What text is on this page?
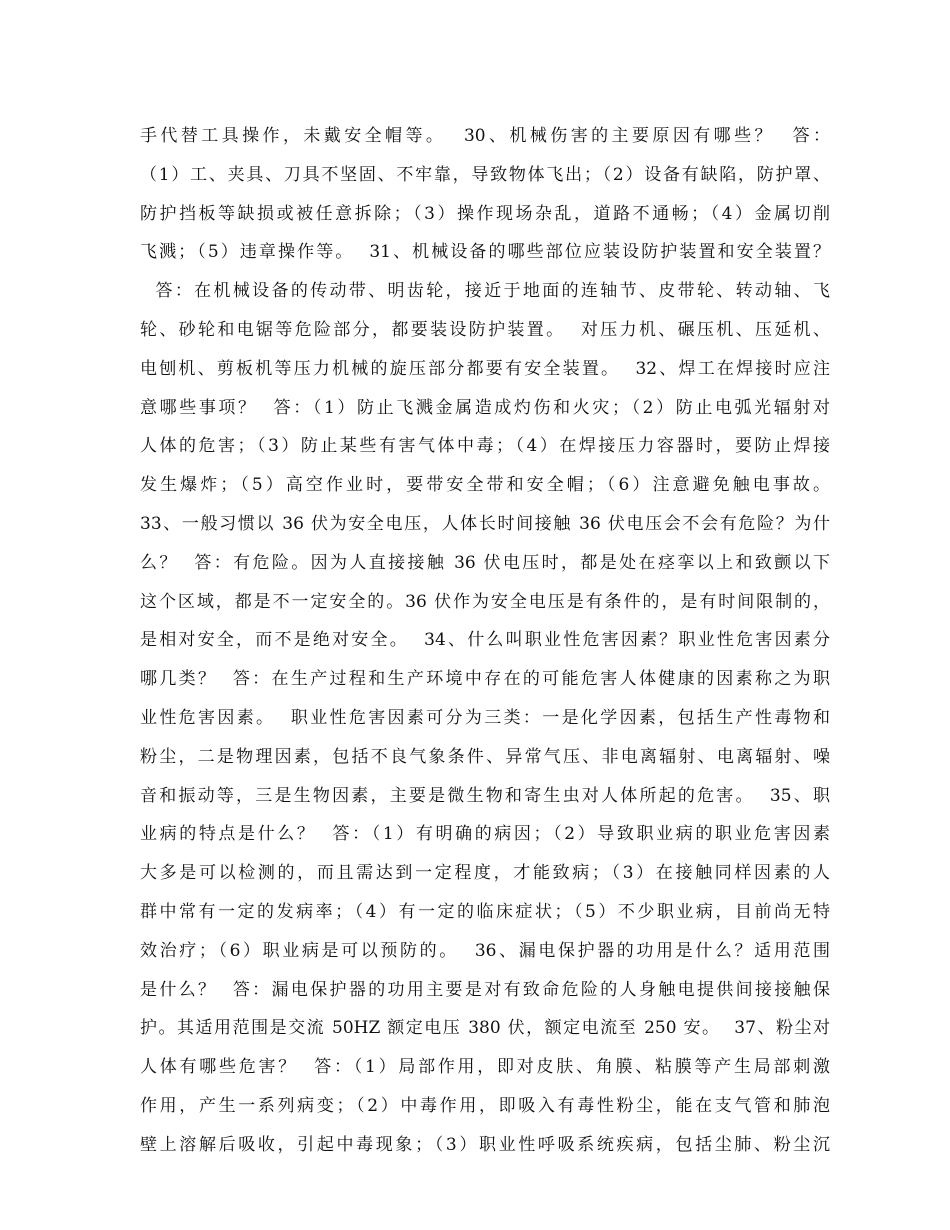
手代替工具操作，未戴安全帽等。  30、机械伤害的主要原因有哪些？  答：
（1）工、夹具、刀具不坚固、不牢靠，导致物体飞出；（2）设备有缺陷，防护罩、
防护挡板等缺损或被任意拆除；（3）操作现场杂乱，道路不通畅；（4）金属切削
飞溅；（5）违章操作等。  31、机械设备的哪些部位应装设防护装置和安全装置？
答：在机械设备的传动带、明齿轮，接近于地面的连轴节、皮带轮、转动轴、飞
轮、砂轮和电锯等危险部分，都要装设防护装置。  对压力机、碾压机、压延机、
电刨机、剪板机等压力机械的旋压部分都要有安全装置。  32、焊工在焊接时应注
意哪些事项？  答：（1）防止飞溅金属造成灼伤和火灾；（2）防止电弧光辐射对
人体的危害；（3）防止某些有害气体中毒；（4）在焊接压力容器时，要防止焊接
发生爆炸；（5）高空作业时，要带安全带和安全帽；（6）注意避免触电事故。
33、一般习惯以 36 伏为安全电压，人体长时间接触 36 伏电压会不会有危险？为什
么？  答：有危险。因为人直接接触 36 伏电压时，都是处在痉挛以上和致颤以下
这个区域，都是不一定安全的。36 伏作为安全电压是有条件的，是有时间限制的，
是相对安全，而不是绝对安全。  34、什么叫职业性危害因素？职业性危害因素分
哪几类？  答：在生产过程和生产环境中存在的可能危害人体健康的因素称之为职
业性危害因素。  职业性危害因素可分为三类：一是化学因素，包括生产性毒物和
粉尘，二是物理因素，包括不良气象条件、异常气压、非电离辐射、电离辐射、噪
音和振动等，三是生物因素，主要是微生物和寄生虫对人体所起的危害。  35、职
业病的特点是什么？  答：（1）有明确的病因；（2）导致职业病的职业危害因素
大多是可以检测的，而且需达到一定程度，才能致病；（3）在接触同样因素的人
群中常有一定的发病率；（4）有一定的临床症状；（5）不少职业病，目前尚无特
效治疗；（6）职业病是可以预防的。  36、漏电保护器的功用是什么？适用范围
是什么？  答：漏电保护器的功用主要是对有致命危险的人身触电提供间接接触保
护。其适用范围是交流 50HZ 额定电压 380 伏，额定电流至 250 安。  37、粉尘对
人体有哪些危害？  答：（1）局部作用，即对皮肤、角膜、粘膜等产生局部刺激
作用，产生一系列病变；（2）中毒作用，即吸入有毒性粉尘，能在支气管和肺泡
壁上溶解后吸收，引起中毒现象；（3）职业性呼吸系统疾病，包括尘肺、粉尘沉
